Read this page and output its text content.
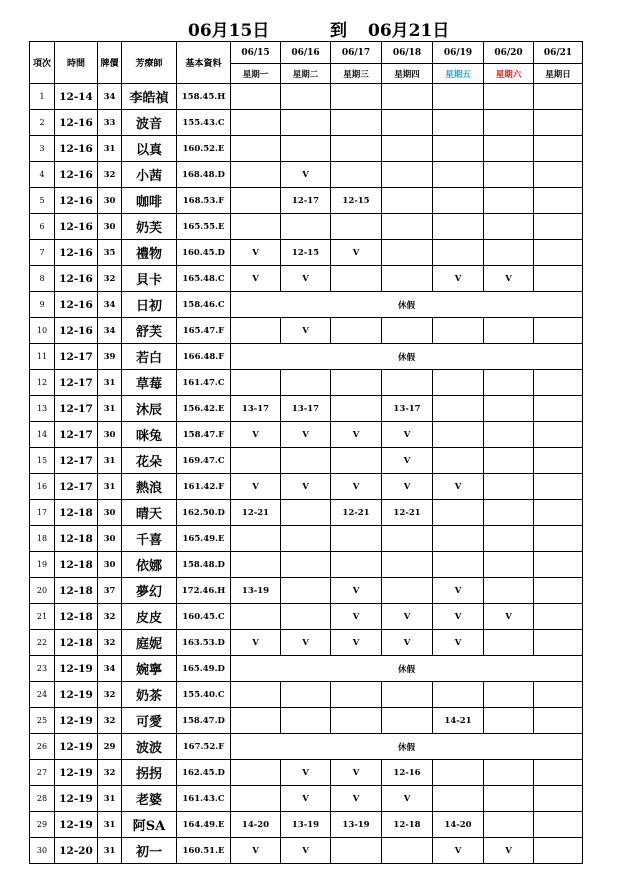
06月15日	到 06月21日
項次	時間	牌價	芳療師	基本資料	06/15	06/16	06/17	06/18	06/19	06/20	06/21
					星期一	星期二	星期三	星期四	星期五	星期六	星期日
1	12-14	34	李皓禎	158.45.H							
2	12-16	33	波音	155.43.C							
3	12-16	31	以真	160.52.E							
4	12-16	32	小茜	168.48.D		V					
5	12-16	30	咖啡	168.53.F		12-17	12-15				
6	12-16	30	奶芙	165.55.E							
7	12-16	35	禮物	160.45.D	V	12-15	V				
8	12-16	32	貝卡	165.48.C	V	V			V	V	
9	12-16	34	日初	158.46.C	休假						
10	12-16	34	舒芙	165.47.F		V					
11	12-17	39	若白	166.48.F	休假						
12	12-17	31	草莓	161.47.C							
13	12-17	31	沐辰	156.42.E	13-17	13-17		13-17			
14	12-17	30	咪兔	158.47.F	V	V	V	V			
15	12-17	31	花朵	169.47.C				V			
16	12-17	31	熱浪	161.42.F	V	V	V	V	V		
17	12-18	30	晴天	162.50.D	12-21		12-21	12-21			
18	12-18	30	千喜	165.49.E							
19	12-18	30	依娜	158.48.D							
20	12-18	37	夢幻	172.46.H	13-19		V		V		
21	12-18	32	皮皮	160.45.C			V	V	V	V	
22	12-18	32	庭妮	163.53.D	V	V	V	V	V		
23	12-19	34	婉寧	165.49.D	休假						
24	12-19	32	奶茶	155.40.C							
25	12-19	32	可愛	158.47.D					14-21		
26	12-19	29	波波	167.52.F	休假						
27	12-19	32	拐拐	162.45.D		V	V	12-16			
28	12-19	31	老婆	161.43.C		V	V	V			
29	12-19	31	阿SA	164.49.E	14-20	13-19	13-19	12-18	14-20		
30	12-20	31	初一	160.51.E	V	V			V	V	
